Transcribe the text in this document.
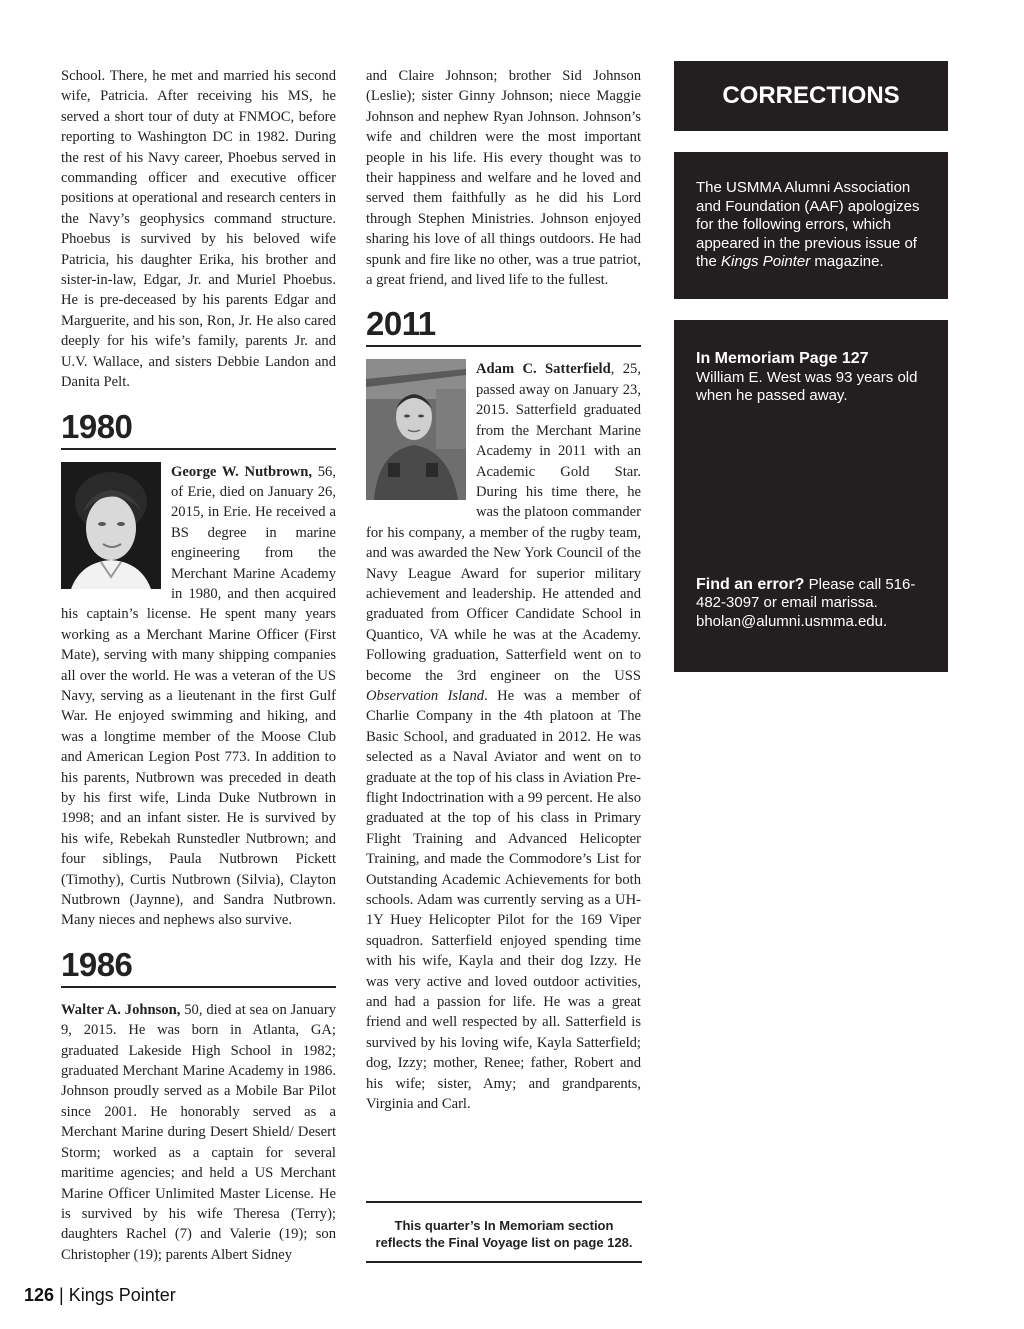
School. There, he met and married his second wife, Patricia. After receiving his MS, he served a short tour of duty at FNMOC, before reporting to Washington DC in 1982. During the rest of his Navy career, Phoebus served in commanding officer and executive officer positions at operational and research centers in the Navy’s geophysics command structure. Phoebus is survived by his beloved wife Patricia, his daughter Erika, his brother and sister-in-law, Edgar, Jr. and Muriel Phoebus. He is pre-deceased by his parents Edgar and Marguerite, and his son, Ron, Jr. He also cared deeply for his wife’s family, parents Jr. and U.V. Wallace, and sisters Debbie Landon and Danita Pelt.

1980

George W. Nutbrown, 56, of Erie, died on January 26, 2015, in Erie. He received a BS degree in marine engineering from the Merchant Marine Academy in 1980, and then acquired his captain’s license. He spent many years working as a Merchant Marine Officer (First Mate), serving with many shipping companies all over the world. He was a veteran of the US Navy, serving as a lieutenant in the first Gulf War. He enjoyed swimming and hiking, and was a longtime member of the Moose Club and American Legion Post 773. In addition to his parents, Nutbrown was preceded in death by his first wife, Linda Duke Nutbrown in 1998; and an infant sister. He is survived by his wife, Rebekah Runstedler Nutbrown; and four siblings, Paula Nutbrown Pickett (Timothy), Curtis Nutbrown (Silvia), Clayton Nutbrown (Jaynne), and Sandra Nutbrown. Many nieces and nephews also survive.

1986

Walter A. Johnson, 50, died at sea on January 9, 2015. He was born in Atlanta, GA; graduated Lakeside High School in 1982; graduated Merchant Marine Academy in 1986. Johnson proudly served as a Mobile Bar Pilot since 2001. He honorably served as a Merchant Marine during Desert Shield/ Desert Storm; worked as a captain for several maritime agencies; and held a US Merchant Marine Officer Unlimited Master License. He is survived by his wife Theresa (Terry); daughters Rachel (7) and Valerie (19); son Christopher (19); parents Albert Sidney

and Claire Johnson; brother Sid Johnson (Leslie); sister Ginny Johnson; niece Maggie Johnson and nephew Ryan Johnson. Johnson’s wife and children were the most important people in his life. His every thought was to their happiness and welfare and he loved and served them faithfully as he did his Lord through Stephen Ministries. Johnson enjoyed sharing his love of all things outdoors. He had spunk and fire like no other, was a true patriot, a great friend, and lived life to the fullest.

2011

Adam C. Satterfield, 25, passed away on January 23, 2015. Satterfield graduated from the Merchant Marine Academy in 2011 with an Academic Gold Star. During his time there, he was the platoon commander for his company, a member of the rugby team, and was awarded the New York Council of the Navy League Award for superior military achievement and leadership. He attended and graduated from Officer Candidate School in Quantico, VA while he was at the Academy. Following graduation, Satterfield went on to become the 3rd engineer on the USS Observation Island. He was a member of Charlie Company in the 4th platoon at The Basic School, and graduated in 2012. He was selected as a Naval Aviator and went on to graduate at the top of his class in Aviation Pre-flight Indoctrination with a 99 percent. He also graduated at the top of his class in Primary Flight Training and Advanced Helicopter Training, and made the Commodore’s List for Outstanding Academic Achievements for both schools. Adam was currently serving as a UH-1Y Huey Helicopter Pilot for the 169 Viper squadron. Satterfield enjoyed spending time with his wife, Kayla and their dog Izzy. He was very active and loved outdoor activities, and had a passion for life. He was a great friend and well respected by all. Satterfield is survived by his loving wife, Kayla Satterfield; dog, Izzy; mother, Renee; father, Robert and his wife; sister, Amy; and grandparents, Virginia and Carl.

This quarter’s In Memoriam section
reflects the Final Voyage list on page 128.
CORRECTIONS
The USMMA Alumni Association and Foundation (AAF) apologizes for the following errors, which appeared in the previous issue of the Kings Pointer magazine.
In Memoriam Page 127
William E. West was 93 years old when he passed away.
Find an error? Please call 516-482-3097 or email marissa. bholan@alumni.usmma.edu.
126 | Kings Pointer
